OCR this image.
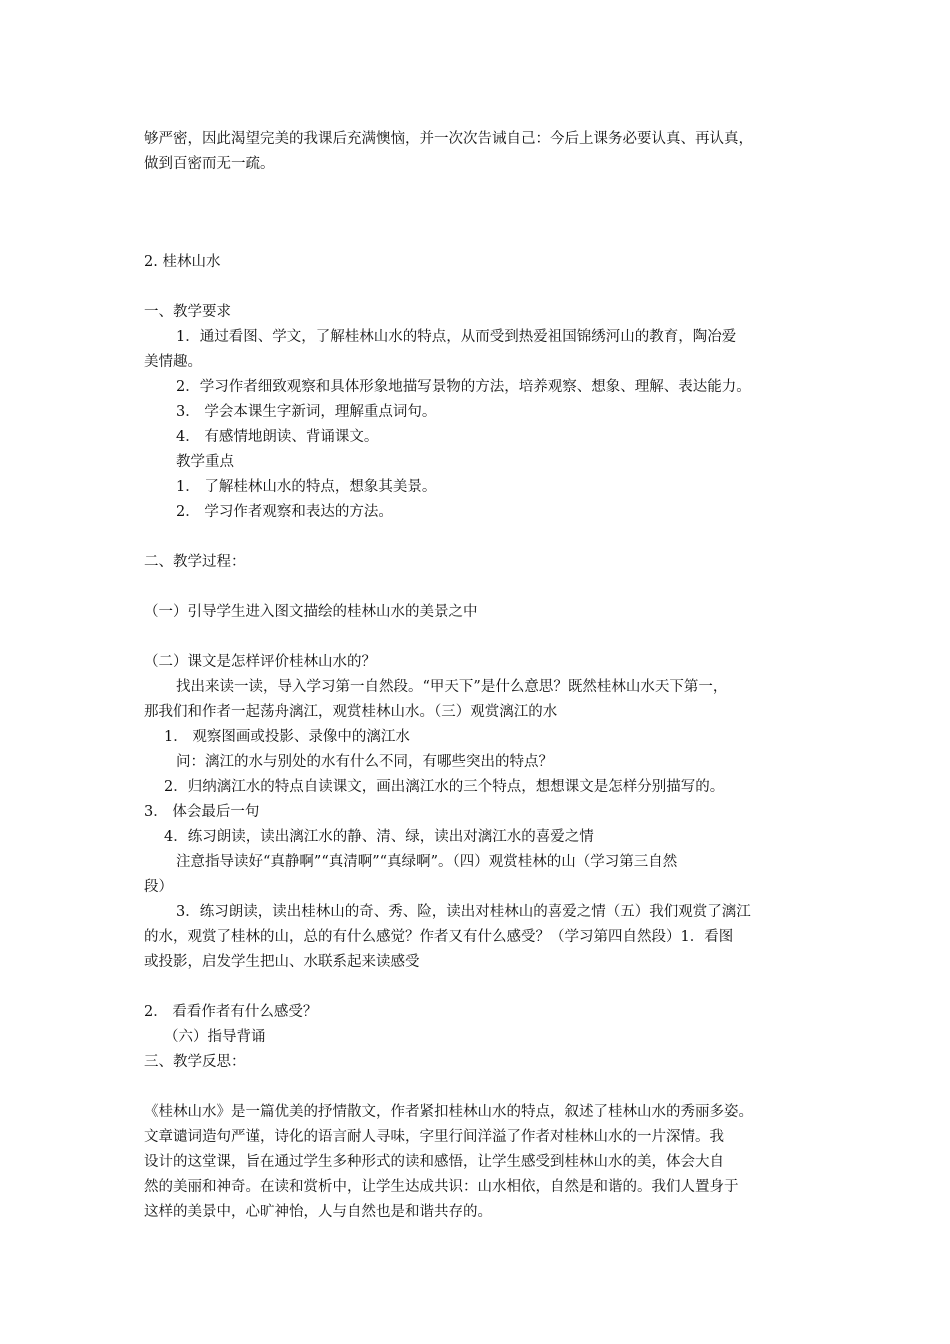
够严密，因此渴望完美的我课后充满懊恼，并一次次告诫自己：今后上课务必要认真、再认真，
做到百密而无一疏。
2. 桂林山水
一、教学要求
1．通过看图、学文，了解桂林山水的特点，从而受到热爱祖国锦绣河山的教育，陶冶爱
美情趣。
2．学习作者细致观察和具体形象地描写景物的方法，培养观察、想象、理解、表达能力。
3． 学会本课生字新词，理解重点词句。
4． 有感情地朗读、背诵课文。
教学重点
1． 了解桂林山水的特点，想象其美景。
2． 学习作者观察和表达的方法。
二、教学过程：
（一）引导学生进入图文描绘的桂林山水的美景之中
（二）课文是怎样评价桂林山水的？
找出来读一读，导入学习第一自然段。“甲天下”是什么意思？既然桂林山水天下第一，
那我们和作者一起荡舟漓江，观赏桂林山水。（三）观赏漓江的水
1． 观察图画或投影、录像中的漓江水
问：漓江的水与别处的水有什么不同，有哪些突出的特点？
2．归纳漓江水的特点自读课文，画出漓江水的三个特点，想想课文是怎样分别描写的。
3． 体会最后一句
4．练习朗读，读出漓江水的静、清、绿，读出对漓江水的喜爱之情
注意指导读好“真静啊”“真清啊”“真绿啊”。（四）观赏桂林的山（学习第三自然
段）
3．练习朗读，读出桂林山的奇、秀、险，读出对桂林山的喜爱之情（五）我们观赏了漓江
的水，观赏了桂林的山，总的有什么感觉？作者又有什么感受？（学习第四自然段）1．看图
或投影，启发学生把山、水联系起来读感受
2． 看看作者有什么感受？
（六）指导背诵
三、教学反思：
《桂林山水》是一篇优美的抒情散文，作者紧扣桂林山水的特点，叙述了桂林山水的秀丽多姿。
文章谴词造句严谨，诗化的语言耐人寻味，字里行间洋溢了作者对桂林山水的一片深情。我
设计的这堂课，旨在通过学生多种形式的读和感悟，让学生感受到桂林山水的美，体会大自
然的美丽和神奇。在读和赏析中，让学生达成共识：山水相依，自然是和谐的。我们人置身于
这样的美景中，心旷神怡，人与自然也是和谐共存的。
